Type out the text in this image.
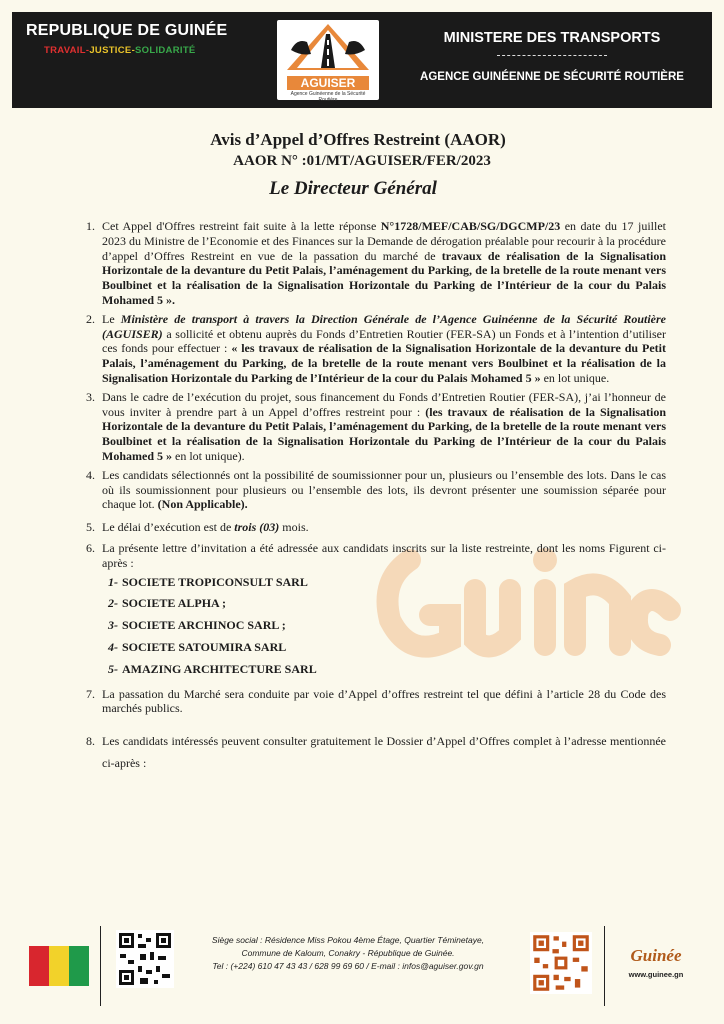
REPUBLIQUE DE GUINÉE
TRAVAIL-JUSTICE-SOLIDARITÉ
AGUISER
Agence Guinéenne de la Sécurité Routière
MINISTERE DES TRANSPORTS
AGENCE GUINÉENNE DE SÉCURITÉ ROUTIÈRE
Avis d’Appel d’Offres Restreint (AAOR)
AAOR N° :01/MT/AGUISER/FER/2023
Le Directeur Général
1. Cet Appel d'Offres restreint fait suite à la lette réponse N°1728/MEF/CAB/SG/DGCMP/23 en date du 17 juillet 2023 du Ministre de l’Economie et des Finances sur la Demande de dérogation préalable pour recourir à la procédure d’appel d’Offres Restreint en vue de la passation du marché de travaux de réalisation de la Signalisation Horizontale de la devanture du Petit Palais, l’aménagement du Parking, de la bretelle de la route menant vers Boulbinet et la réalisation de la Signalisation Horizontale du Parking de l’Intérieur de la cour du Palais Mohamed 5 ».
2. Le Ministère de transport à travers la Direction Générale de l’Agence Guinéenne de la Sécurité Routière (AGUISER) a sollicité et obtenu auprès du Fonds d’Entretien Routier (FER-SA) un Fonds et à l’intention d’utiliser ces fonds pour effectuer : « les travaux de réalisation de la Signalisation Horizontale de la devanture du Petit Palais, l’aménagement du Parking, de la bretelle de la route menant vers Boulbinet et la réalisation de la Signalisation Horizontale du Parking de l’Intérieur de la cour du Palais Mohamed 5 » en lot unique.
3. Dans le cadre de l’exécution du projet, sous financement du Fonds d’Entretien Routier (FER-SA), j’ai l’honneur de vous inviter à prendre part à un Appel d’offres restreint pour : (les travaux de réalisation de la Signalisation Horizontale de la devanture du Petit Palais, l’aménagement du Parking, de la bretelle de la route menant vers Boulbinet et la réalisation de la Signalisation Horizontale du Parking de l’Intérieur de la cour du Palais Mohamed 5 » en lot unique).
4. Les candidats sélectionnés ont la possibilité de soumissionner pour un, plusieurs ou l’ensemble des lots. Dans le cas où ils soumissionnent pour plusieurs ou l’ensemble des lots, ils devront présenter une soumission séparée pour chaque lot. (Non Applicable).
5. Le délai d’exécution est de trois (03) mois.
6. La présente lettre d’invitation a été adressée aux candidats inscrits sur la liste restreinte, dont les noms Figurent ci-après :
1- SOCIETE TROPICONSULT SARL
2- SOCIETE ALPHA ;
3- SOCIETE ARCHINOC SARL ;
4- SOCIETE SATOUMIRA SARL
5- AMAZING ARCHITECTURE SARL
7. La passation du Marché sera conduite par voie d’Appel d’offres restreint tel que défini à l’article 28 du Code des marchés publics.
8. Les candidats intéressés peuvent consulter gratuitement le Dossier d’Appel d’Offres complet à l’adresse mentionnée ci-après :
Siège social : Résidence Miss Pokou 4ème Étage, Quartier Téminetaye,
Commune de Kaloum, Conakry - République de Guinée.
Tel : (+224) 610 47 43 43 / 628 99 69 60 / E-mail : infos@aguiser.gov.gn
Guinée
www.guinee.gn
